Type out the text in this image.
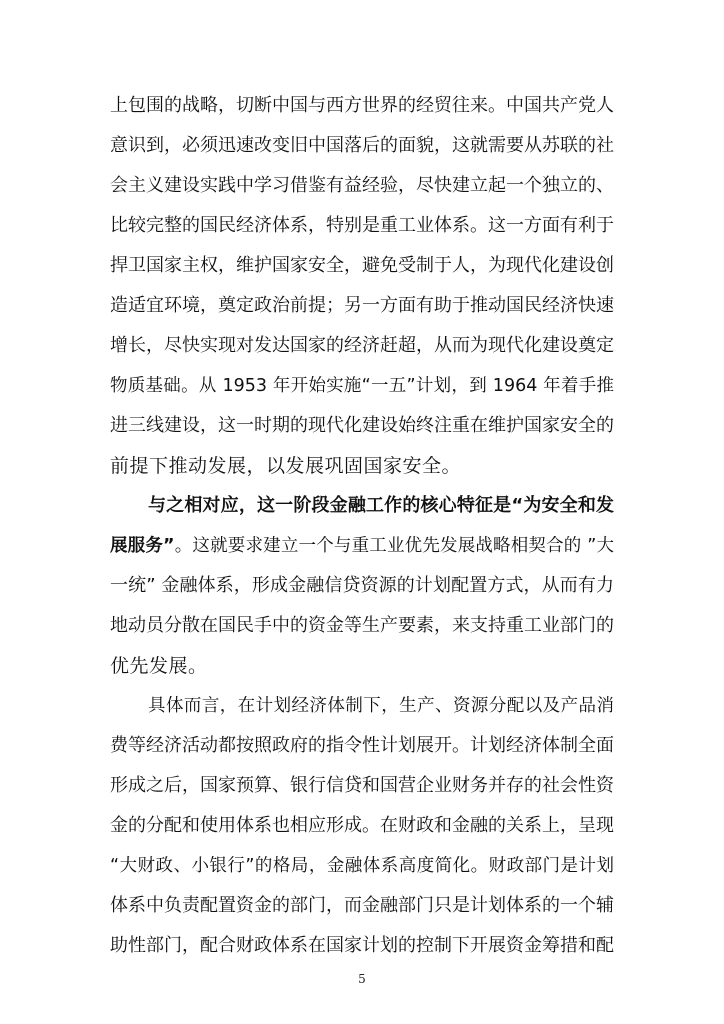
上包围的战略，切断中国与西方世界的经贸往来。中国共产党人
意识到，必须迅速改变旧中国落后的面貌，这就需要从苏联的社
会主义建设实践中学习借鉴有益经验，尽快建立起一个独立的、
比较完整的国民经济体系，特别是重工业体系。这一方面有利于
捍卫国家主权，维护国家安全，避免受制于人，为现代化建设创
造适宜环境，奠定政治前提；另一方面有助于推动国民经济快速
增长，尽快实现对发达国家的经济赶超，从而为现代化建设奠定
物质基础。从 1953 年开始实施“一五”计划，到 1964 年着手推
进三线建设，这一时期的现代化建设始终注重在维护国家安全的
前提下推动发展，以发展巩固国家安全。
与之相对应，这一阶段金融工作的核心特征是“为安全和发
展服务”。这就要求建立一个与重工业优先发展战略相契合的 ”大
一统” 金融体系，形成金融信贷资源的计划配置方式，从而有力
地动员分散在国民手中的资金等生产要素，来支持重工业部门的
优先发展。
具体而言，在计划经济体制下，生产、资源分配以及产品消
费等经济活动都按照政府的指令性计划展开。计划经济体制全面
形成之后，国家预算、银行信贷和国营企业财务并存的社会性资
金的分配和使用体系也相应形成。在财政和金融的关系上，呈现
“大财政、小银行”的格局，金融体系高度简化。财政部门是计划
体系中负责配置资金的部门，而金融部门只是计划体系的一个辅
助性部门，配合财政体系在国家计划的控制下开展资金筹措和配
5
